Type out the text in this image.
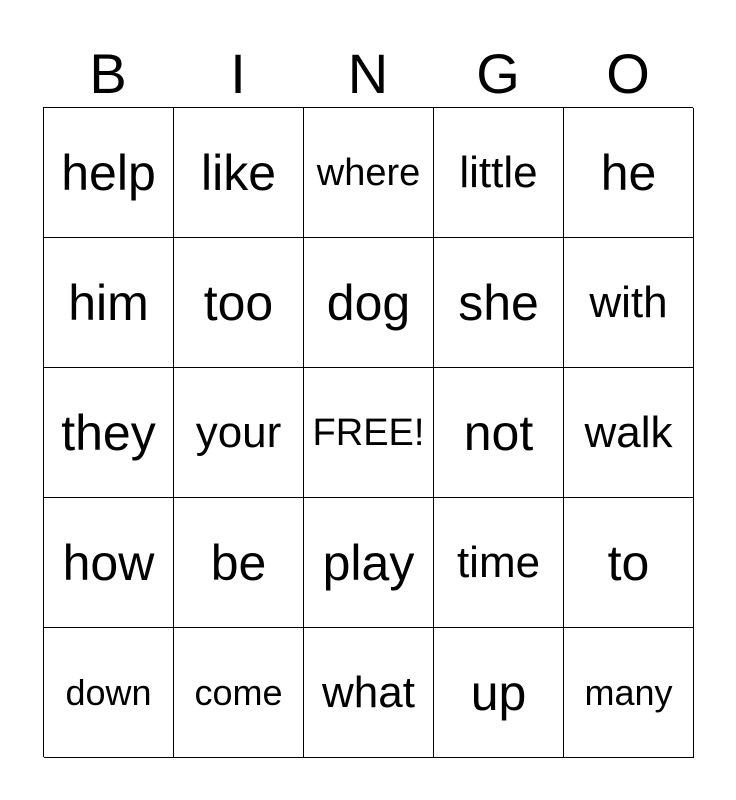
B	I	N	G	O
help like where little he
him too dog she with
they your FREE! not walk
how be play time to
down come what up many
